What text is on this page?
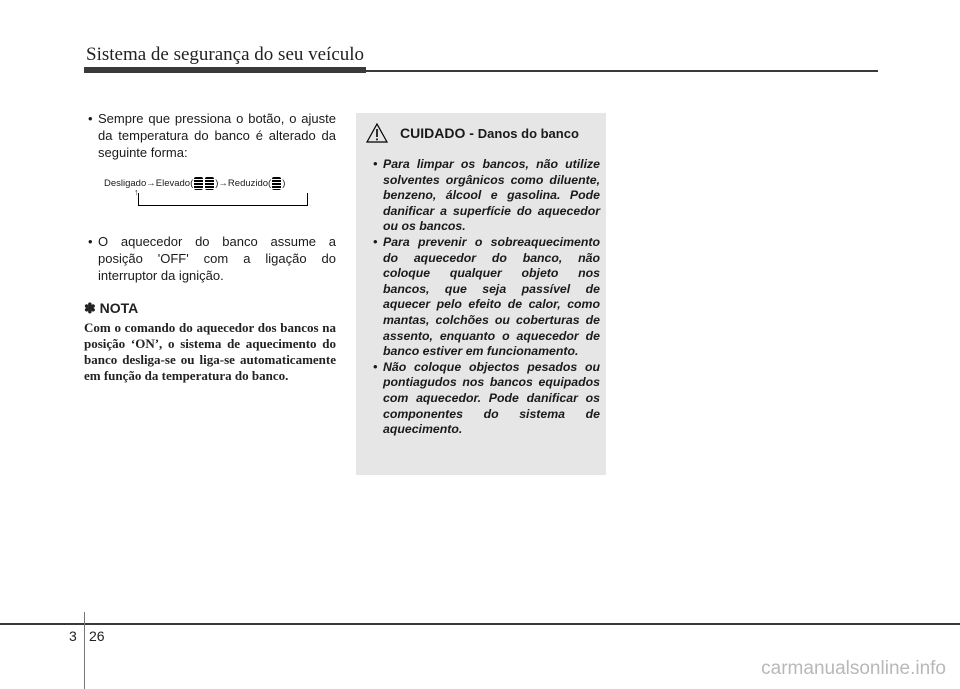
Sistema de segurança do seu veículo
• Sempre que pressiona o botão, o ajuste da temperatura do banco é alterado da seguinte forma:
Desligado→Elevado( )→Reduzido( )
↑
• O aquecedor do banco assume a posição 'OFF' com a ligação do interruptor da ignição.
✽ NOTA
Com o comando do aquecedor dos bancos na posição ‘ON’, o sistema de aquecimento do banco desliga-se ou liga-se automaticamente em função da temperatura do banco.
CUIDADO - Danos do banco
• Para limpar os bancos, não utilize solventes orgânicos como diluente, benzeno, álcool e gasolina. Pode danificar a superfície do aquecedor ou os bancos.
• Para prevenir o sobreaquecimento do aquecedor do banco, não coloque qualquer objeto nos bancos, que seja passível de aquecer pelo efeito de calor, como mantas, colchões ou coberturas de assento, enquanto o aquecedor de banco estiver em funcionamento.
• Não coloque objectos pesados ou pontiagudos nos bancos equipados com aquecedor. Pode danificar os componentes do sistema de aquecimento.
3 26
carmanualsonline.info
